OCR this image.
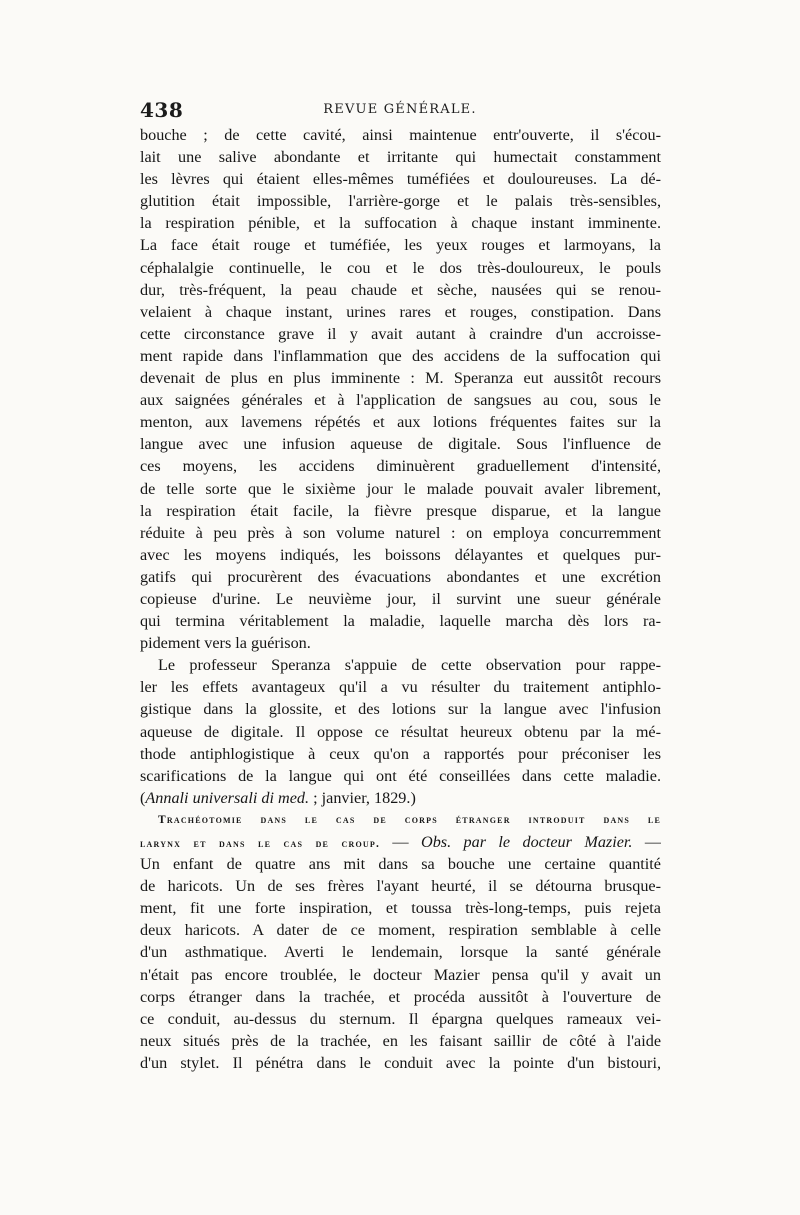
438	REVUE GÉNÉRALE.
bouche ; de cette cavité, ainsi maintenue entr'ouverte, il s'écou-
lait une salive abondante et irritante qui humectait constamment
les lèvres qui étaient elles-mêmes tuméfiées et douloureuses. La dé-
glutition était impossible, l'arrière-gorge et le palais très-sensibles,
la respiration pénible, et la suffocation à chaque instant imminente.
La face était rouge et tuméfiée, les yeux rouges et larmoyans, la
céphalalgie continuelle, le cou et le dos très-douloureux, le pouls
dur, très-fréquent, la peau chaude et sèche, nausées qui se renou-
velaient à chaque instant, urines rares et rouges, constipation. Dans
cette circonstance grave il y avait autant à craindre d'un accroisse-
ment rapide dans l'inflammation que des accidens de la suffocation qui
devenait de plus en plus imminente : M. Speranza eut aussitôt recours
aux saignées générales et à l'application de sangsues au cou, sous le
menton, aux lavemens répétés et aux lotions fréquentes faites sur la
langue avec une infusion aqueuse de digitale. Sous l'influence de
ces moyens, les accidens diminuèrent graduellement d'intensité,
de telle sorte que le sixième jour le malade pouvait avaler librement,
la respiration était facile, la fièvre presque disparue, et la langue
réduite à peu près à son volume naturel : on employa concurremment
avec les moyens indiqués, les boissons délayantes et quelques pur-
gatifs qui procurèrent des évacuations abondantes et une excrétion
copieuse d'urine. Le neuvième jour, il survint une sueur générale
qui termina véritablement la maladie, laquelle marcha dès lors ra-
pidement vers la guérison.
Le professeur Speranza s'appuie de cette observation pour rappe-
ler les effets avantageux qu'il a vu résulter du traitement antiphlo-
gistique dans la glossite, et des lotions sur la langue avec l'infusion
aqueuse de digitale. Il oppose ce résultat heureux obtenu par la mé-
thode antiphlogistique à ceux qu'on a rapportés pour préconiser les
scarifications de la langue qui ont été conseillées dans cette maladie.
(Annali universali di med. ; janvier, 1829.)
Trachéotomie dans le cas de corps étranger introduit dans le
larynx et dans le cas de croup. — Obs. par le docteur Mazier. —
Un enfant de quatre ans mit dans sa bouche une certaine quantité
de haricots. Un de ses frères l'ayant heurté, il se détourna brusque-
ment, fit une forte inspiration, et toussa très-long-temps, puis rejeta
deux haricots. A dater de ce moment, respiration semblable à celle
d'un asthmatique. Averti le lendemain, lorsque la santé générale
n'était pas encore troublée, le docteur Mazier pensa qu'il y avait un
corps étranger dans la trachée, et procéda aussitôt à l'ouverture de
ce conduit, au-dessus du sternum. Il épargna quelques rameaux vei-
neux situés près de la trachée, en les faisant saillir de côté à l'aide
d'un stylet. Il pénétra dans le conduit avec la pointe d'un bistouri,
